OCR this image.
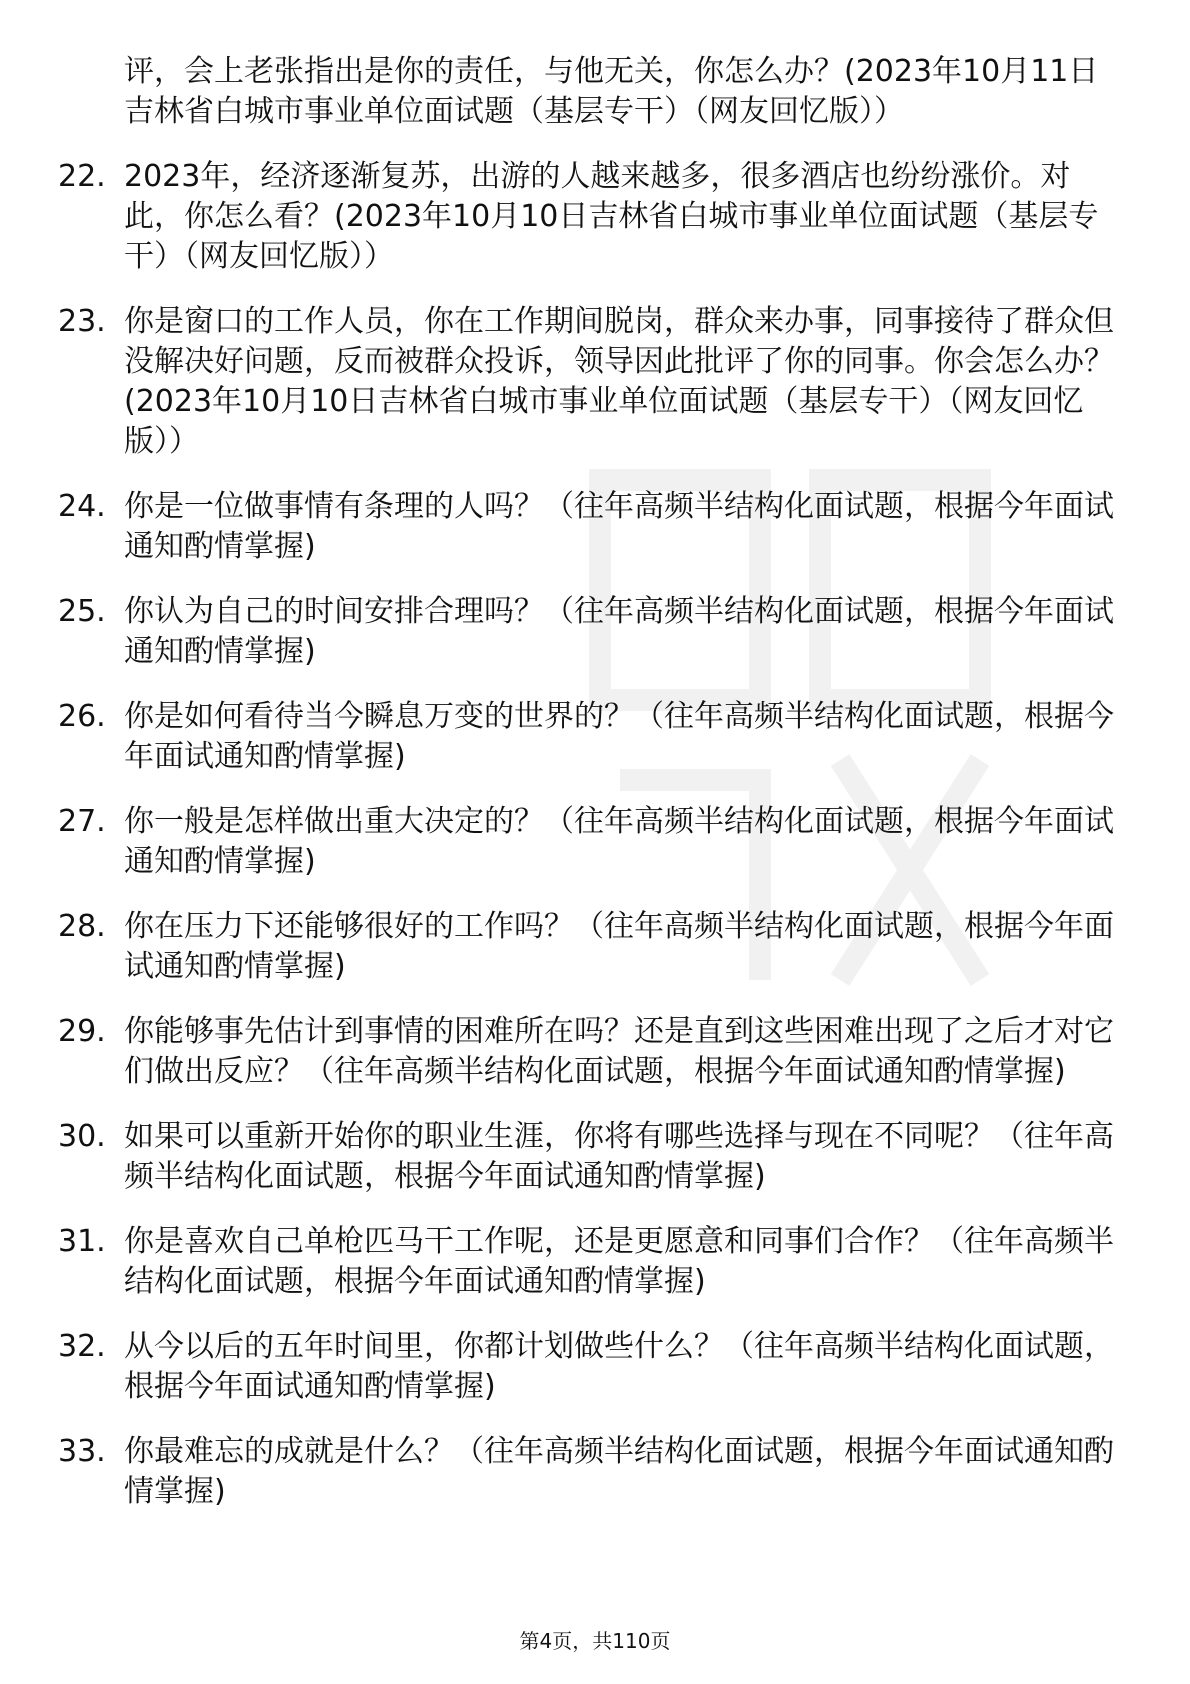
评，会上老张指出是你的责任，与他无关，你怎么办？(2023年10月11日吉林省白城市事业单位面试题（基层专干）（网友回忆版））

22. 2023年，经济逐渐复苏，出游的人越来越多，很多酒店也纷纷涨价。对此，你怎么看？(2023年10月10日吉林省白城市事业单位面试题（基层专干）（网友回忆版））
23. 你是窗口的工作人员，你在工作期间脱岗，群众来办事，同事接待了群众但没解决好问题，反而被群众投诉，领导因此批评了你的同事。你会怎么办？(2023年10月10日吉林省白城市事业单位面试题（基层专干）（网友回忆版））
24. 你是一位做事情有条理的人吗？（往年高频半结构化面试题，根据今年面试通知酌情掌握)
25. 你认为自己的时间安排合理吗？（往年高频半结构化面试题，根据今年面试通知酌情掌握)
26. 你是如何看待当今瞬息万变的世界的？（往年高频半结构化面试题，根据今年面试通知酌情掌握)
27. 你一般是怎样做出重大决定的？（往年高频半结构化面试题，根据今年面试通知酌情掌握)
28. 你在压力下还能够很好的工作吗？（往年高频半结构化面试题，根据今年面试通知酌情掌握)
29. 你能够事先估计到事情的困难所在吗？还是直到这些困难出现了之后才对它们做出反应？（往年高频半结构化面试题，根据今年面试通知酌情掌握)
30. 如果可以重新开始你的职业生涯，你将有哪些选择与现在不同呢？（往年高频半结构化面试题，根据今年面试通知酌情掌握)
31. 你是喜欢自己单枪匹马干工作呢，还是更愿意和同事们合作？（往年高频半结构化面试题，根据今年面试通知酌情掌握)
32. 从今以后的五年时间里，你都计划做些什么？（往年高频半结构化面试题，根据今年面试通知酌情掌握)
33. 你最难忘的成就是什么？（往年高频半结构化面试题，根据今年面试通知酌情掌握)
第4页，共110页
